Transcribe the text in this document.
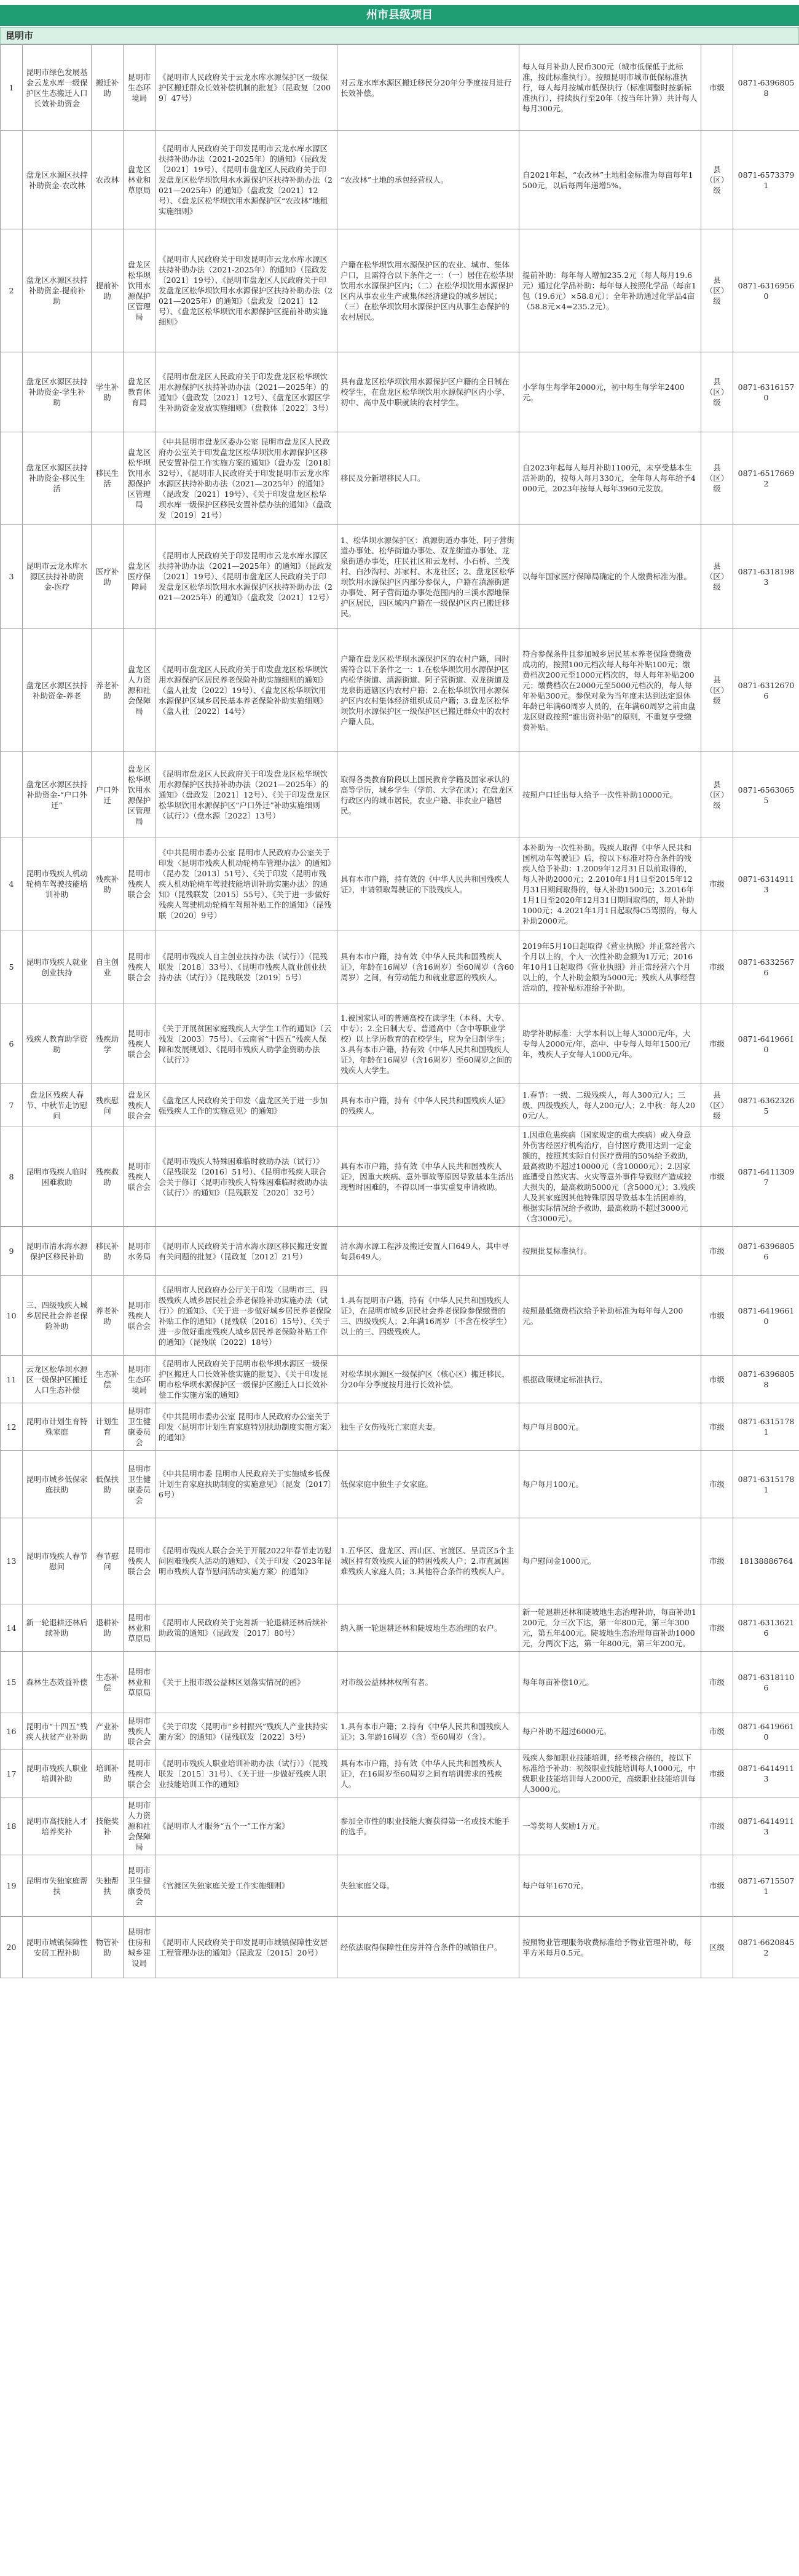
州市县级项目
昆明市
1	昆明市绿色发展基金云龙水库一级保护区生态搬迁人口长效补助资金	搬迁补助	昆明市生态环境局	《昆明市人民政府关于云龙水库水源保护区一级保护区搬迁群众长效补偿机制的批复》（昆政复〔2009〕47号）	对云龙水库水源区搬迁移民分20年分季度按月进行长效补偿。	每人每月补助人民币300元（城市低保低于此标准，按此标准执行）。按照昆明市城市低保标准执行，每人每月按城市低保执行（标准调整时按新标准执行），持续执行至20年（按当年计算）共计每人每月300元。	市级	0871-63968058
	盘龙区水源区扶持补助资金-农改林	农改林	盘龙区林业和草原局	《昆明市人民政府关于印发昆明市云龙水库水源区扶持补助办法（2021-2025年）的通知》（昆政发〔2021〕19号）、《昆明市盘龙区人民政府关于印发盘龙区松华坝饮用水水源保护区扶持补助办法（2021—2025年）的通知》（盘政发〔2021〕12号）、《盘龙区松华坝饮用水源保护区“农改林”地租实施细则》	“农改林”土地的承包经营权人。	自2021年起，“农改林”土地租金标准为每亩每年1500元，以后每两年递增5%。	县（区）级	0871-65733791
2	盘龙区水源区扶持补助资金-提前补助	提前补助	盘龙区松华坝饮用水源保护区管理局	《昆明市人民政府关于印发昆明市云龙水库水源区扶持补助办法（2021-2025年）的通知》（昆政发〔2021〕19号）、《昆明市盘龙区人民政府关于印发盘龙区松华坝饮用水水源保护区扶持补助办法（2021—2025年）的通知》（盘政发〔2021〕12号）、《盘龙区松华坝饮用水源保护区提前补助实施细则》	户籍在松华坝饮用水源保护区的农业、城市、集体户口，且需符合以下条件之一：（一）居住在松华坝饮用水水源保护区内；（二）在松华坝饮用水源保护区内从事农业生产或集体经济建设的城乡居民；（三）在松华坝饮用水源保护区内从事生态保护的农村居民。	提前补助：每年每人增加235.2元（每人每月19.6元）通过化学品补助：每年每人按照化学品（每亩1包（19.6元）×58.8元）；全年补助通过化学品4亩（58.8元×4=235.2元）。	县（区）级	0871-63169560
	盘龙区水源区扶持补助资金-学生补助	学生补助	盘龙区教育体育局	《昆明市盘龙区人民政府关于印发盘龙区松华坝饮用水源保护区扶持补助办法（2021—2025年）的通知》（盘政发〔2021〕12号）、《盘龙区水源区学生补助资金发放实施细则》（盘教体〔2022〕3号）	具有盘龙区松华坝饮用水源保护区户籍的全日制在校学生，在盘龙区松华坝饮用水源保护区内小学、初中、高中及中职就读的农村学生。	小学每生每学年2000元，初中每生每学年2400元。	县（区）级	0871-63161570
	盘龙区水源区扶持补助资金-移民生活	移民生活	盘龙区松华坝饮用水源保护区管理局	《中共昆明市盘龙区委办公室 昆明市盘龙区人民政府办公室关于印发盘龙区松华坝饮用水源保护区移民安置补偿工作实施方案的通知》（盘办发〔2018〕32号）、《昆明市人民政府关于印发昆明市云龙水库水源区扶持补助办法（2021—2025年）的通知》（昆政发〔2021〕19号）、《关于印发盘龙区松华坝水库一级保护区移民安置补偿办法的通知》（盘政发〔2019〕21号）	移民及分新增移民人口。	自2023年起每人每月补助1100元，未享受基本生活补助的，按每人每月330元，全年每人每年给予4000元，2023年按每人每年3960元发放。	县（区）级	0871-65176692
3	昆明市云龙水库水源区扶持补助资金-医疗	医疗补助	盘龙区医疗保障局	《昆明市人民政府关于印发昆明市云龙水库水源区扶持补助办法（2021—2025年）的通知》（昆政发〔2021〕19号）、《昆明市盘龙区人民政府关于印发盘龙区松华坝饮用水水源保护区扶持补助办法（2021—2025年）的通知》（盘政发〔2021〕12号）	1、松华坝水源保护区：滇源街道办事处、阿子营街道办事处、松华街道办事处、双龙街道办事处、龙泉街道办事处，庄民社区和云龙村、小石桥、兰茂村、白沙沟村、苏家村、木龙社区；2、盘龙区松华坝饮用水源保护区内部分参保人，户籍在滇源街道办事处、阿子营街道办事处范围内的三溪水源地保护区居民，四区域内户籍在一级保护区内已搬迁移民。	以每年国家医疗保障局确定的个人缴费标准为准。	县（区）级	0871-63181983
	盘龙区水源区扶持补助资金-养老	养老补助	盘龙区人力资源和社会保障局	《昆明市盘龙区人民政府关于印发盘龙区松华坝饮用水源保护区居民养老保险补助实施细则的通知》（盘人社发〔2022〕19号）、《盘龙区松华坝饮用水源保护区城乡居民基本养老保险补助实施细则》（盘人社〔2022〕14号）	户籍在盘龙区松华坝水源保护区的农村户籍，同时需符合以下条件之一：1.在松华坝饮用水源保护区内松华街道、滇源街道、阿子营街道、双龙街道及龙泉街道辖区内农村户籍；2.在松华坝饮用水源保护区内农村集体经济组织成员户籍；3.盘龙区松华坝饮用水源保护区一级保护区已搬迁群众中的农村户籍人员。	符合参保条件且参加城乡居民基本养老保险费缴费成功的，按照100元档次每人每年补贴100元；缴费档次200元至1000元档次的，每人每年补贴200元；缴费档次在2000元至5000元档次的，每人每年补贴300元。参保对象为当年度未达到法定退休年龄已年满60周岁人员的，在年满60周岁之前由盘龙区财政按照“谁出资补贴”的原则，不重复享受缴费补贴。	县（区）级	0871-63126706
	盘龙区水源区扶持补助资金-“户口外迁”	户口外迁	盘龙区松华坝饮用水源保护区管理局	《昆明市盘龙区人民政府关于印发盘龙区松华坝饮用水源保护区扶持补助办法（2021—2025年）的通知》（盘政发〔2021〕12号）、《关于印发盘龙区松华坝饮用水源保护区“户口外迁”补助实施细则（试行）》（盘水源〔2022〕13号）	取得各类教育阶段以上国民教育学籍及国家承认的高等学历，城乡学生（学前、大学在读）；在盘龙区行政区内的城市居民，农业户籍、非农业户籍居民。	按照户口迁出每人给予一次性补助10000元。	县（区）级	0871-65630655
4	昆明市残疾人机动轮椅车驾驶技能培训补助	残疾补助	昆明市残疾人联合会	《中共昆明市委办公室 昆明市人民政府办公室关于印发〈昆明市残疾人机动轮椅车管理办法〉的通知》（昆办发〔2013〕51号）、《关于印发〈昆明市残疾人机动轮椅车驾驶技能培训补助实施办法〉的通知》（昆残联发〔2015〕55号）、《关于进一步做好残疾人驾驶机动轮椅车驾照补贴工作的通知》（昆残联〔2020〕9号）	具有本市户籍，持有效的《中华人民共和国残疾人证》，申请领取驾驶证的下肢残疾人。	本补助为一次性补助。残疾人取得《中华人民共和国机动车驾驶证》后，按以下标准对符合条件的残疾人给予补助：1.2009年12月31日以前取得的，每人补助2000元；2.2010年1月1日至2015年12月31日期间取得的，每人补助1500元；3.2016年1月1日至2020年12月31日期间取得的，每人补助1000元；4.2021年1月1日起取得C5驾照的，每人补助2000元。	市级	0871-63149113
5	昆明市残疾人就业创业扶持	自主创业	昆明市残疾人联合会	《昆明市残疾人自主创业扶持办法（试行）》（昆残联发〔2018〕33号）、《昆明市残疾人就业创业扶持办法（试行）》（昆残联发〔2019〕5号）	具有本市户籍，持有效《中华人民共和国残疾人证》，年龄在16周岁（含16周岁）至60周岁（含60周岁）之间，有劳动能力和就业意愿的残疾人。	2019年5月10日起取得《营业执照》并正常经营六个月以上的，个人一次性补助金额为1万元；2016年10月1日起取得《营业执照》并正常经营六个月以上的，个人补助金额为5000元；残疾人从事经营活动的，按补贴标准给予补助。	市级	0871-63325676
6	残疾人教育助学资助	残疾助学	昆明市残疾人联合会	《关于开展贫困家庭残疾人大学生工作的通知》（云残发〔2003〕75号）、《云南省“十四五”残疾人保障和发展规划》、《昆明市残疾人助学金资助办法（试行）》	1.被国家认可的普通高校在读学生（本科、大专、中专）；2.全日制大专、普通高中（含中等职业学校）以上学历教育的在校学生，应为全日制学生；3.具有本市户籍，持有效《中华人民共和国残疾人证》，年龄在16周岁（含16周岁）至60周岁之间的残疾人大学生。	助学补助标准：大学本科以上每人3000元/年，大专每人2000元/年，高中、中专每人每年1500元/年，残疾人子女每人1000元/年。	市级	0871-64196610
7	盘龙区残疾人春节、中秋节走访慰问	残疾慰问	盘龙区残疾人联合会	《盘龙区人民政府关于印发〈盘龙区关于进一步加强残疾人工作的实施意见〉的通知》	具有本市户籍，持有《中华人民共和国残疾人证》的残疾人。	1.春节：一级、二级残疾人，每人300元/人；三级、四级残疾人，每人200元/人；2.中秋：每人200元/人。	县（区）级	0871-63623265
8	昆明市残疾人临时困难救助	残疾救助	昆明市残疾人联合会	《昆明市残疾人特殊困难临时救助办法（试行）》（昆残联发〔2016〕51号）、《昆明市残疾人联合会关于修订〈昆明市残疾人特殊困难临时救助办法（试行）〉的通知》（昆残联发〔2020〕32号）	具有本市户籍，持有效《中华人民共和国残疾人证》，因重大疾病、意外事故等原因导致基本生活出现暂时困难的，不得以同一事实重复申请救助。	1.因重危患疾病（国家规定的重大疾病）或入身意外伤害经医疗机构治疗，自付医疗费用达到一定金额的，按照其实际自付医疗费用的50%给予救助，最高救助不超过10000元（含10000元）；2.因家庭遭受自然灾害、火灾等意外事件导致财产造成较大损失的，最高救助5000元（含5000元）；3.残疾人及其家庭因其他特殊原因导致基本生活困难的，根据实际情况给予救助，最高救助不超过3000元（含3000元）。	市级	0871-64113097
9	昆明市清水海水源保护区移民补助	移民补助	昆明市水务局	《昆明市人民政府关于清水海水源区移民搬迁安置有关问题的批复》（昆政复〔2012〕21号）	清水海水源工程涉及搬迁安置人口649人，其中寻甸县649人。	按照批复标准执行。	市级	0871-63968056
10	三、四级残疾人城乡居民社会养老保险补助	养老补助	昆明市残疾人联合会	《昆明市人民政府办公厅关于印发〈昆明市三、四级残疾人城乡居民社会养老保险补助实施办法（试行）〉的通知》、《关于进一步做好城乡居民养老保险补贴工作的通知》（昆残联〔2016〕15号）、《关于进一步做好重度残疾人城乡居民养老保险补贴工作的通知》（昆残联〔2022〕18号）	1.具有昆明市户籍，持有《中华人民共和国残疾人证》，在昆明市城乡居民社会养老保险参保缴费的三、四级残疾人；2.年满16周岁（不含在校学生）以上的三、四级残疾人。	按照最低缴费档次给予补助标准为每年每人200元。	市级	0871-64196610
11	云龙区松华坝水源区一级保护区搬迁人口生态补偿	生态补偿	昆明市生态环境局	《昆明市人民政府关于昆明市松华坝水源区一级保护区搬迁人口长效补偿实施的批复》、《关于印发昆明市松华坝水源保护区一级保护区搬迁人口长效补偿工作实施方案的通知》	对松华坝水源区一级保护区（核心区）搬迁移民，分20年分季度按月进行长效补偿。	根据政策规定标准执行。	市级	0871-63968058
12	昆明市计划生育特殊家庭	计划生育	昆明市卫生健康委员会	《中共昆明市委办公室 昆明市人民政府办公室关于印发〈昆明市计划生育家庭特别扶助制度实施方案〉的通知》	独生子女伤残死亡家庭夫妻。	每户每月800元。	市级	0871-63151781
	昆明市城乡低保家庭扶助	低保扶助	昆明市卫生健康委员会	《中共昆明市委 昆明市人民政府关于实施城乡低保计划生育家庭扶助制度的实施意见》（昆发〔2017〕6号）	低保家庭中独生子女家庭。	每户每月100元。	市级	0871-63151781
13	昆明市残疾人春节慰问	春节慰问	昆明市残疾人联合会	《昆明市残疾人联合会关于开展2022年春节走访慰问困难残疾人活动的通知》、《关于印发〈2023年昆明市残疾人春节慰问活动实施方案〉的通知》	1.五华区、盘龙区、西山区、官渡区、呈贡区5个主城区持有效残疾人证的特困残疾人户；2.市直属困难残疾人家庭人员；3.其他符合条件的残疾人户。	每户慰问金1000元。	市级	18138886764
14	新一轮退耕还林后续补助	退耕补助	昆明市林业和草原局	《昆明市人民政府关于完善新一轮退耕还林后续补助政策的通知》（昆政发〔2017〕80号）	纳入新一轮退耕还林和陡坡地生态治理的农户。	新一轮退耕还林和陡坡地生态治理补助，每亩补助1200元，分三次下达，第一年800元，第三年300元，第五年400元。陡坡地生态治理每亩补助1000元，分两次下达，第一年800元，第三年200元。	市级	0871-63136216
15	森林生态效益补偿	生态补偿	昆明市林业和草原局	《关于上报市级公益林区划落实情况的函》	对市级公益林林权所有者。	每年每亩补偿10元。	市级	0871-63181106
16	昆明市“十四五”残疾人扶贫产业补助	产业补助	昆明市残疾人联合会	《关于印发〈昆明市“乡村振兴”残疾人产业扶持实施方案〉的通知》（昆残联发〔2022〕3号）	1.具有本市户籍；2.持有《中华人民共和国残疾人证》；3.年龄16周岁（含）至60周岁（含）。	每户补助不超过6000元。	市级	0871-64196610
17	昆明市残疾人职业培训补助	培训补助	昆明市残疾人联合会	《昆明市残疾人职业培训补助办法（试行）》（昆残联发〔2015〕31号）、《关于进一步做好残疾人职业技能培训工作的通知》	具有本市户籍，持有效《中华人民共和国残疾人证》，在16周岁至60周岁之间有培训需求的残疾人。	残疾人参加职业技能培训，经考核合格的，按以下标准给予补助：初级职业技能培训每人1000元，中级职业技能培训每人2000元，高级职业技能培训每人3000元。	市级	0871-64149113
18	昆明市高技能人才培养奖补	技能奖补	昆明市人力资源和社会保障局	《昆明市人才服务“五个一”工作方案》	参加全市性的职业技能大赛获得第一名或技术能手的选手。	一等奖每人奖励1万元。	市级	0871-64149113
19	昆明市失独家庭帮扶	失独帮扶	昆明市卫生健康委员会	《官渡区失独家庭关爱工作实施细则》	失独家庭父母。	每户每年1670元。	市级	0871-67155071
20	昆明市城镇保障性安居工程补助	物管补助	昆明市住房和城乡建设局	《昆明市人民政府关于印发昆明市城镇保障性安居工程管理办法的通知》（昆政发〔2015〕20号）	经依法取得保障性住房并符合条件的城镇住户。	按照物业管理服务收费标准给予物业管理补助，每平方米每月0.5元。	区级	0871-66208452
